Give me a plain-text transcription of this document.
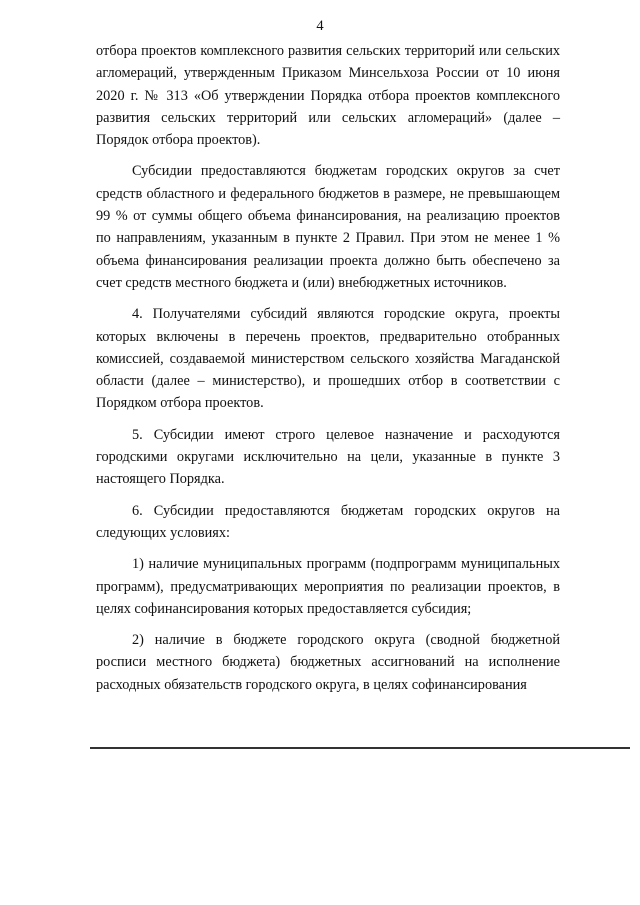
4

отбора проектов комплексного развития сельских территорий или сельских агломераций, утвержденным Приказом Минсельхоза России от 10 июня 2020 г. № 313 «Об утверждении Порядка отбора проектов комплексного развития сельских территорий или сельских агломераций» (далее – Порядок отбора проектов).

Субсидии предоставляются бюджетам городских округов за счет средств областного и федерального бюджетов в размере, не превышающем 99 % от суммы общего объема финансирования, на реализацию проектов по направлениям, указанным в пункте 2 Правил. При этом не менее 1 % объема финансирования реализации проекта должно быть обеспечено за счет средств местного бюджета и (или) внебюджетных источников.

4. Получателями субсидий являются городские округа, проекты которых включены в перечень проектов, предварительно отобранных комиссией, создаваемой министерством сельского хозяйства Магаданской области (далее – министерство), и прошедших отбор в соответствии с Порядком отбора проектов.

5. Субсидии имеют строго целевое назначение и расходуются городскими округами исключительно на цели, указанные в пункте 3 настоящего Порядка.

6. Субсидии предоставляются бюджетам городских округов на следующих условиях:

1) наличие муниципальных программ (подпрограмм муниципальных программ), предусматривающих мероприятия по реализации проектов, в целях софинансирования которых предоставляется субсидия;

2) наличие в бюджете городского округа (сводной бюджетной росписи местного бюджета) бюджетных ассигнований на исполнение расходных обязательств городского округа, в целях софинансирования
